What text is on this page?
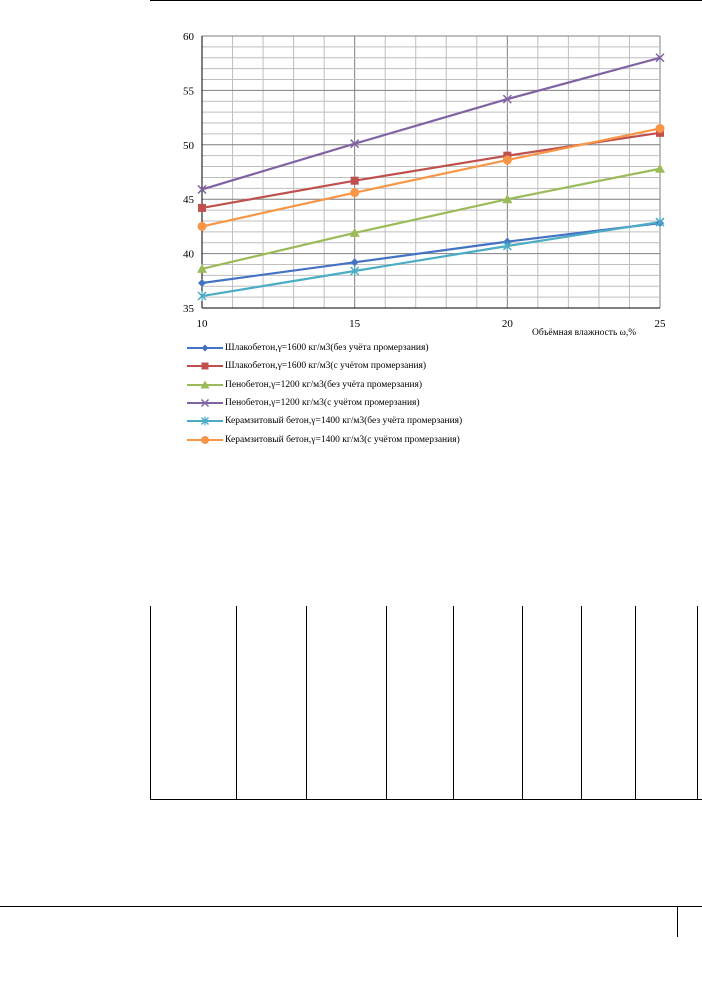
35
40
45
50
55
60
10	15	20	25
Объёмная влажность ω,%
Шлакобетон,γ=1600 кг/м3(без учёта промерзания)
Шлакобетон,γ=1600 кг/м3(с учётом промерзания)
Пенобетон,γ=1200 кг/м3(без учёта промерзания)
Пенобетон,γ=1200 кг/м3(с учётом промерзания)
Керамзитовый бетон,γ=1400 кг/м3(без учёта промерзания)
Керамзитовый бетон,γ=1400 кг/м3(с учётом промерзания)
